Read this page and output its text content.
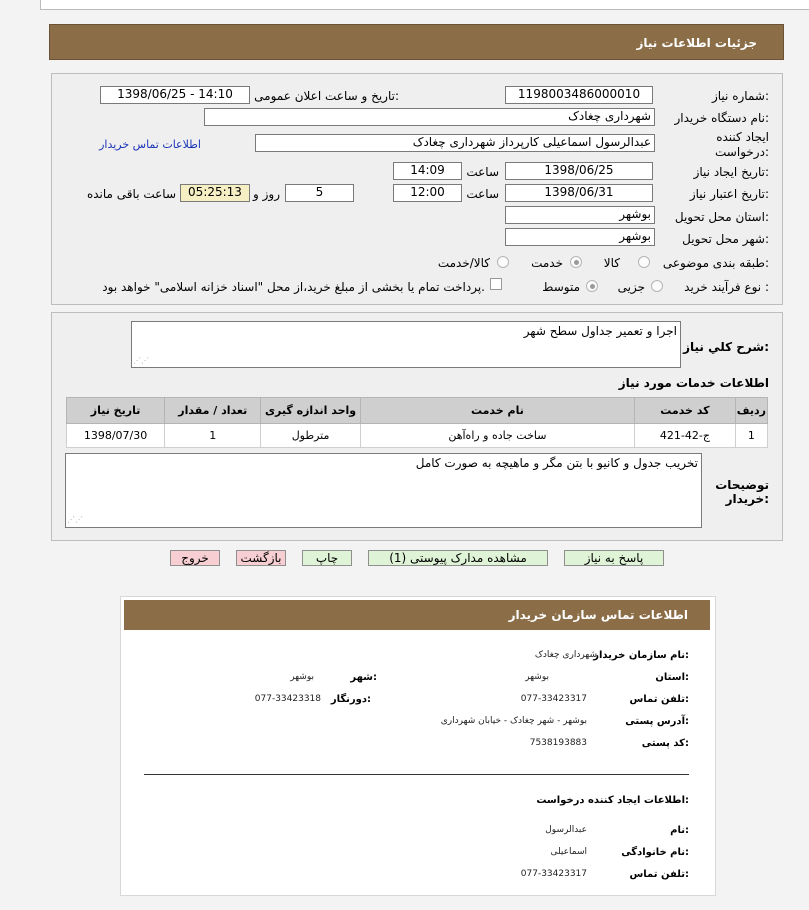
جزئیات اطلاعات نیاز
شماره نیاز:
1198003486000010
تاریخ و ساعت اعلان عمومی:
1398/06/25 - 14:10
نام دستگاه خریدار:
شهرداری چغادک
ایجاد کننده
درخواست:
عبدالرسول اسماعیلی کارپرداز شهرداری چغادک
اطلاعات تماس خریدار
تاریخ ایجاد نیاز:
1398/06/25
ساعت
14:09
تاریخ اعتبار نیاز:
1398/06/31
ساعت
12:00
5
روز و
05:25:13
ساعت باقی مانده
استان محل تحویل:
بوشهر
شهر محل تحویل:
بوشهر
طبقه بندی موضوعی:
کالا
خدمت
کالا/خدمت
نوع فرآیند خرید :
جزیی
متوسط
پرداخت تمام یا بخشی از مبلغ خرید،از محل "اسناد خزانه اسلامی" خواهد بود.
شرح کلي نياز:
اجرا و تعمیر جداول سطح شهر
⋰⋰
اطلاعات خدمات مورد نیاز
تاریخ نیاز	تعداد / مقدار	واحد اندازه گیری	نام خدمت	کد خدمت	ردیف
1398/07/30	1	مترطول	ساخت جاده و راه‌آهن	ج-42-421	1
توضیحات
خریدار:
تخریب جدول و کانیو با بتن مگر و ماهیچه به صورت کامل
⋰⋰
پاسخ به نیاز
مشاهده مدارک پیوستی (1)
چاپ
بازگشت
خروج
اطلاعات تماس سازمان خریدار
نام سازمان خریدار:
شهرداری چغادک
استان:
بوشهر
شهر:
بوشهر
تلفن تماس:
077-33423317
دورنگار:
077-33423318
آدرس پستی:
بوشهر - شهر چغادک - خیابان شهرداری
کد پستی:
7538193883
اطلاعات ایجاد کننده درخواست:
نام:
عبدالرسول
نام خانوادگی:
اسماعیلی
تلفن تماس:
077-33423317
